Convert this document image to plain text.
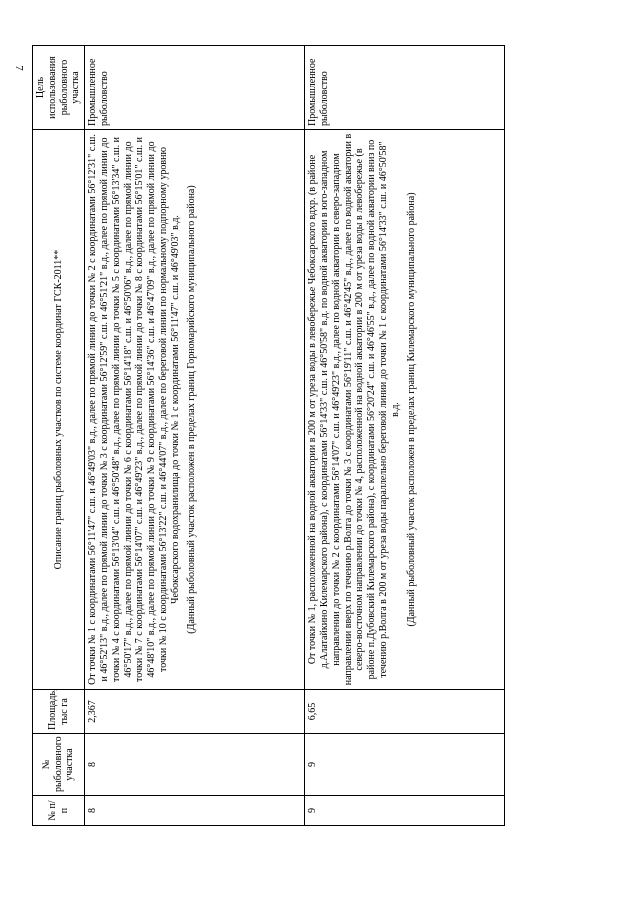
7
№ п/п	№ рыболовного участка	Площадь, тыс га	Описание границ рыболовных участков по системе координат ГСК-2011**	Цель использования рыболовного участка
8	8	2,367	От точки № 1 с координатами 56°11'47" с.ш. и 46°49'03" в.д., далее по прямой линии до точки № 2 с координатами 56°12'31" с.ш. и 46°52'13" в.д., далее по прямой линии до точки № 3 с координатами 56°12'59" с.ш. и 46°51'21" в.д., далее по прямой линии до точки № 4 с координатами 56°13'04" с.ш. и 46°50'48" в.д., далее по прямой линии до точки № 5 с координатами 56°13'34" с.ш. и 46°50'17" в.д., далее по прямой линии до точки № 6 с координатами 56°14'18" с.ш. и 46°50'06" в.д., далее по прямой линии до точки № 7 с координатами 56°14'07" с.ш. и 46°49'23" в.д., далее по прямой линии до точки № 8 с координатами 56°15'01" с.ш. и 46°48'10" в.д., далее по прямой линии до точки № 9 с координатами 56°14'36" с.ш. и 46°47'09" в.д., далее по прямой линии до точки № 10 с координатами 56°13'22" с.ш. и 46°44'07" в.д., далее по береговой линии по нормальному подпорному уровню Чебоксарского водохранилища до точки № 1 с координатами 56°11'47" с.ш. и 46°49'03" в.д. (Данный рыболовный участок расположен в пределах границ Горномарийского муниципального района)	Промышленное рыболовство
9	9	6,65	От точки № 1, расположенной на водной акватории в 200 м от уреза воды в левобережье Чебоксарского вдхр. (в районе д.Алатайкино Килемарского района), с координатами 56°14'33" с.ш. и 46°50'58" в.д. по водной акватории в юго-западном направлении до точки № 2 с координатами 56°14'07" с.ш. и 46°49'23" в.д., далее по водной акватории в северо-западном направлении вверх по течению р.Волга до точки № 3 с координатами 56°19'11" с.ш. и 46°42'45" в.д., далее по водной акватории в северо-восточном направлении до точки № 4, расположенной на водной акватории в 200 м от уреза воды в левобережье (в районе п.Дубовский Килемарского района), с координатами 56°20'24" с.ш. и 46°46'55" в.д., далее по водной акватории вниз по течению р.Волга в 200 м от уреза воды параллельно береговой линии до точки № 1 с координатами 56°14'33" с.ш. и 46°50'58" в.д. (Данный рыболовный участок расположен в пределах границ Килемарского муниципального района)	Промышленное рыболовство
